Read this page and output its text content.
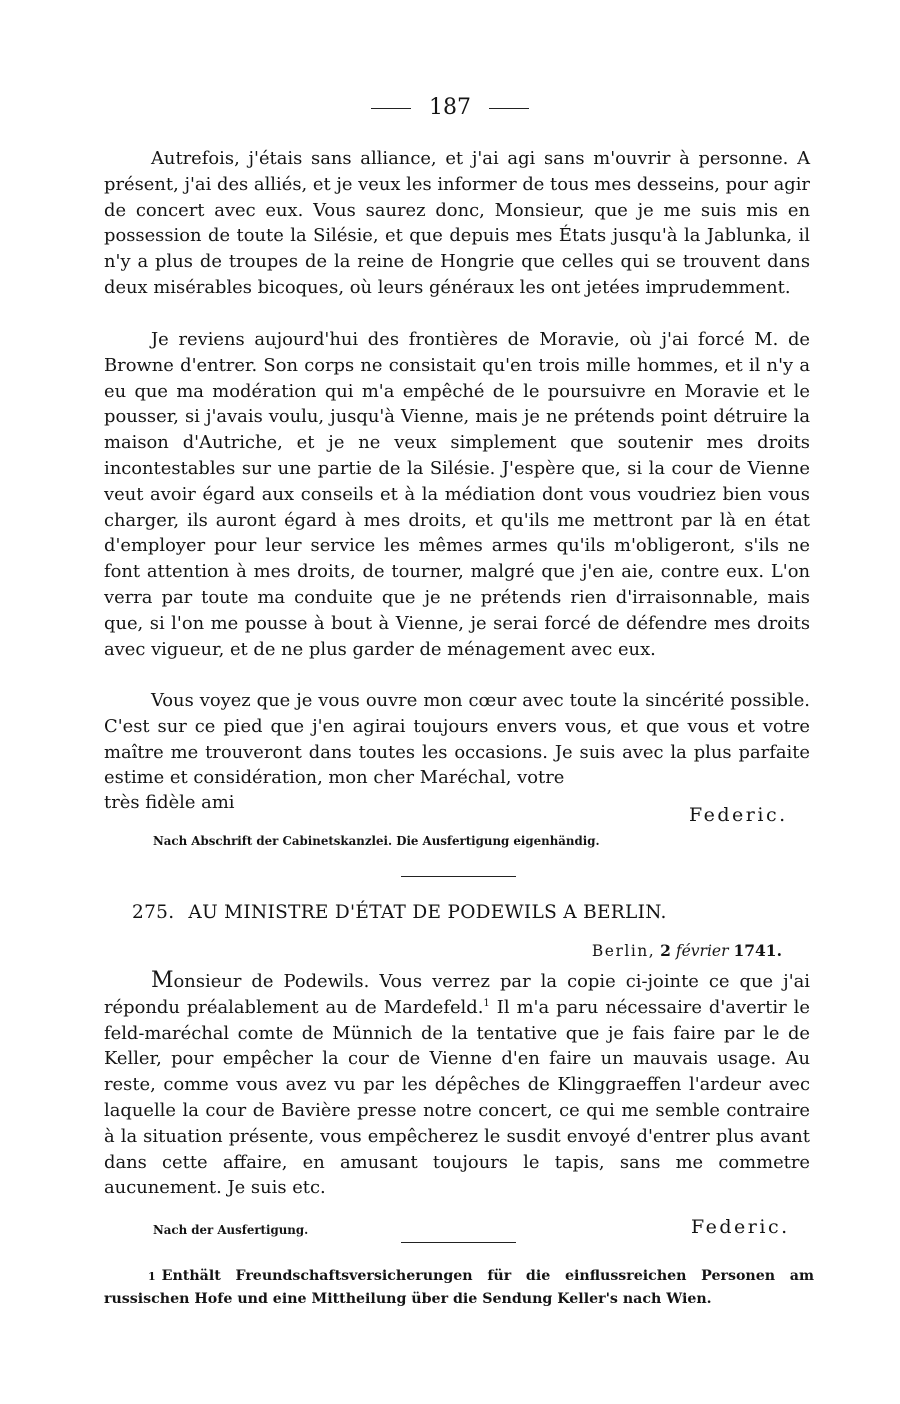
187

Autrefois, j'étais sans alliance, et j'ai agi sans m'ouvrir à personne. A présent, j'ai des alliés, et je veux les informer de tous mes desseins, pour agir de concert avec eux. Vous saurez donc, Monsieur, que je me suis mis en possession de toute la Silésie, et que depuis mes États jusqu'à la Jablunka, il n'y a plus de troupes de la reine de Hongrie que celles qui se trouvent dans deux misérables bicoques, où leurs généraux les ont jetées imprudemment.

Je reviens aujourd'hui des frontières de Moravie, où j'ai forcé M. de Browne d'entrer. Son corps ne consistait qu'en trois mille hommes, et il n'y a eu que ma modération qui m'a empêché de le poursuivre en Moravie et le pousser, si j'avais voulu, jusqu'à Vienne, mais je ne prétends point détruire la maison d'Autriche, et je ne veux simplement que soutenir mes droits incontestables sur une partie de la Silésie. J'espère que, si la cour de Vienne veut avoir égard aux conseils et à la médiation dont vous voudriez bien vous charger, ils auront égard à mes droits, et qu'ils me mettront par là en état d'employer pour leur service les mêmes armes qu'ils m'obligeront, s'ils ne font attention à mes droits, de tourner, malgré que j'en aie, contre eux. L'on verra par toute ma conduite que je ne prétends rien d'irraisonnable, mais que, si l'on me pousse à bout à Vienne, je serai forcé de défendre mes droits avec vigueur, et de ne plus garder de ménagement avec eux.

Vous voyez que je vous ouvre mon cœur avec toute la sincérité possible. C'est sur ce pied que j'en agirai toujours envers vous, et que vous et votre maître me trouveront dans toutes les occasions. Je suis avec la plus parfaite estime et considération, mon cher Maréchal, votre

très fidèle ami
Federic.
Nach Abschrift der Cabinetskanzlei. Die Ausfertigung eigenhändig.
275. AU MINISTRE D'ÉTAT DE PODEWILS A BERLIN.
Berlin, 2 février 1741.

Monsieur de Podewils. Vous verrez par la copie ci-jointe ce que j'ai répondu préalablement au de Mardefeld.$^1$ Il m'a paru nécessaire d'avertir le feld-maréchal comte de Münnich de la tentative que je fais faire par le de Keller, pour empêcher la cour de Vienne d'en faire un mauvais usage. Au reste, comme vous avez vu par les dépêches de Klinggraeffen l'ardeur avec laquelle la cour de Bavière presse notre concert, ce qui me semble contraire à la situation présente, vous empêcherez le susdit envoyé d'entrer plus avant dans cette affaire, en amusant toujours le tapis, sans me commetre aucunement. Je suis etc.

Nach der Ausfertigung.	Federic.

1 Enthält Freundschaftsversicherungen für die einflussreichen Personen am russischen Hofe und eine Mittheilung über die Sendung Keller's nach Wien.
